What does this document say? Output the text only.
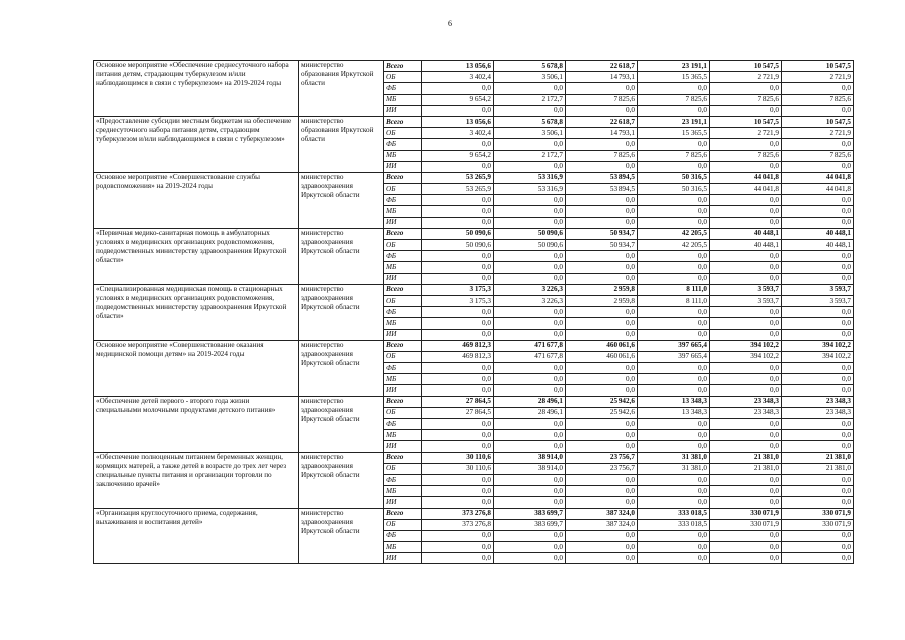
6
Основное мероприятие «Обеспечение среднесуточного набора питания детям, страдающим туберкулезом и/или наблюдающимся в связи с туберкулезом» на 2019-2024 годы	министерство образования Иркутской области	Всего	13 056,6	5 678,8	22 618,7	23 191,1	10 547,5	10 547,5
		ОБ	3 402,4	3 506,1	14 793,1	15 365,5	2 721,9	2 721,9
		ФБ	0,0	0,0	0,0	0,0	0,0	0,0
		МБ	9 654,2	2 172,7	7 825,6	7 825,6	7 825,6	7 825,6
		ИИ	0,0	0,0	0,0	0,0	0,0	0,0
«Предоставление субсидии местным бюджетам на обеспечение среднесуточного набора питания детям, страдающим туберкулезом и/или наблюдающимся в связи с туберкулезом»	министерство образования Иркутской области	Всего	13 056,6	5 678,8	22 618,7	23 191,1	10 547,5	10 547,5
		ОБ	3 402,4	3 506,1	14 793,1	15 365,5	2 721,9	2 721,9
		ФБ	0,0	0,0	0,0	0,0	0,0	0,0
		МБ	9 654,2	2 172,7	7 825,6	7 825,6	7 825,6	7 825,6
		ИИ	0,0	0,0	0,0	0,0	0,0	0,0
Основное мероприятие «Совершенствование службы родовспоможения» на 2019-2024 годы	министерство здравоохранения Иркутской области	Всего	53 265,9	53 316,9	53 894,5	50 316,5	44 041,8	44 041,8
		ОБ	53 265,9	53 316,9	53 894,5	50 316,5	44 041,8	44 041,8
		ФБ	0,0	0,0	0,0	0,0	0,0	0,0
		МБ	0,0	0,0	0,0	0,0	0,0	0,0
		ИИ	0,0	0,0	0,0	0,0	0,0	0,0
«Первичная медико-санитарная помощь в амбулаторных условиях в медицинских организациях родовспоможения, подведомственных министерству здравоохранения Иркутской области»	министерство здравоохранения Иркутской области	Всего	50 090,6	50 090,6	50 934,7	42 205,5	40 448,1	40 448,1
		ОБ	50 090,6	50 090,6	50 934,7	42 205,5	40 448,1	40 448,1
		ФБ	0,0	0,0	0,0	0,0	0,0	0,0
		МБ	0,0	0,0	0,0	0,0	0,0	0,0
		ИИ	0,0	0,0	0,0	0,0	0,0	0,0
«Специализированная медицинская помощь в стационарных условиях в медицинских организациях родовспоможения, подведомственных министерству здравоохранения Иркутской области»	министерство здравоохранения Иркутской области	Всего	3 175,3	3 226,3	2 959,8	8 111,0	3 593,7	3 593,7
		ОБ	3 175,3	3 226,3	2 959,8	8 111,0	3 593,7	3 593,7
		ФБ	0,0	0,0	0,0	0,0	0,0	0,0
		МБ	0,0	0,0	0,0	0,0	0,0	0,0
		ИИ	0,0	0,0	0,0	0,0	0,0	0,0
Основное мероприятие «Совершенствование оказания медицинской помощи детям» на 2019-2024 годы	министерство здравоохранения Иркутской области	Всего	469 812,3	471 677,8	460 061,6	397 665,4	394 102,2	394 102,2
		ОБ	469 812,3	471 677,8	460 061,6	397 665,4	394 102,2	394 102,2
		ФБ	0,0	0,0	0,0	0,0	0,0	0,0
		МБ	0,0	0,0	0,0	0,0	0,0	0,0
		ИИ	0,0	0,0	0,0	0,0	0,0	0,0
«Обеспечение детей первого - второго года жизни специальными молочными продуктами детского питания»	министерство здравоохранения Иркутской области	Всего	27 864,5	28 496,1	25 942,6	13 348,3	23 348,3	23 348,3
		ОБ	27 864,5	28 496,1	25 942,6	13 348,3	23 348,3	23 348,3
		ФБ	0,0	0,0	0,0	0,0	0,0	0,0
		МБ	0,0	0,0	0,0	0,0	0,0	0,0
		ИИ	0,0	0,0	0,0	0,0	0,0	0,0
«Обеспечение полноценным питанием беременных женщин, кормящих матерей, а также детей в возрасте до трех лет через специальные пункты питания и организации торговли по заключению врачей»	министерство здравоохранения Иркутской области	Всего	30 110,6	38 914,0	23 756,7	31 381,0	21 381,0	21 381,0
		ОБ	30 110,6	38 914,0	23 756,7	31 381,0	21 381,0	21 381,0
		ФБ	0,0	0,0	0,0	0,0	0,0	0,0
		МБ	0,0	0,0	0,0	0,0	0,0	0,0
		ИИ	0,0	0,0	0,0	0,0	0,0	0,0
«Организация круглосуточного приема, содержания, выхаживания и воспитания детей»	министерство здравоохранения Иркутской области	Всего	373 276,8	383 699,7	387 324,0	333 018,5	330 071,9	330 071,9
		ОБ	373 276,8	383 699,7	387 324,0	333 018,5	330 071,9	330 071,9
		ФБ	0,0	0,0	0,0	0,0	0,0	0,0
		МБ	0,0	0,0	0,0	0,0	0,0	0,0
		ИИ	0,0	0,0	0,0	0,0	0,0	0,0
